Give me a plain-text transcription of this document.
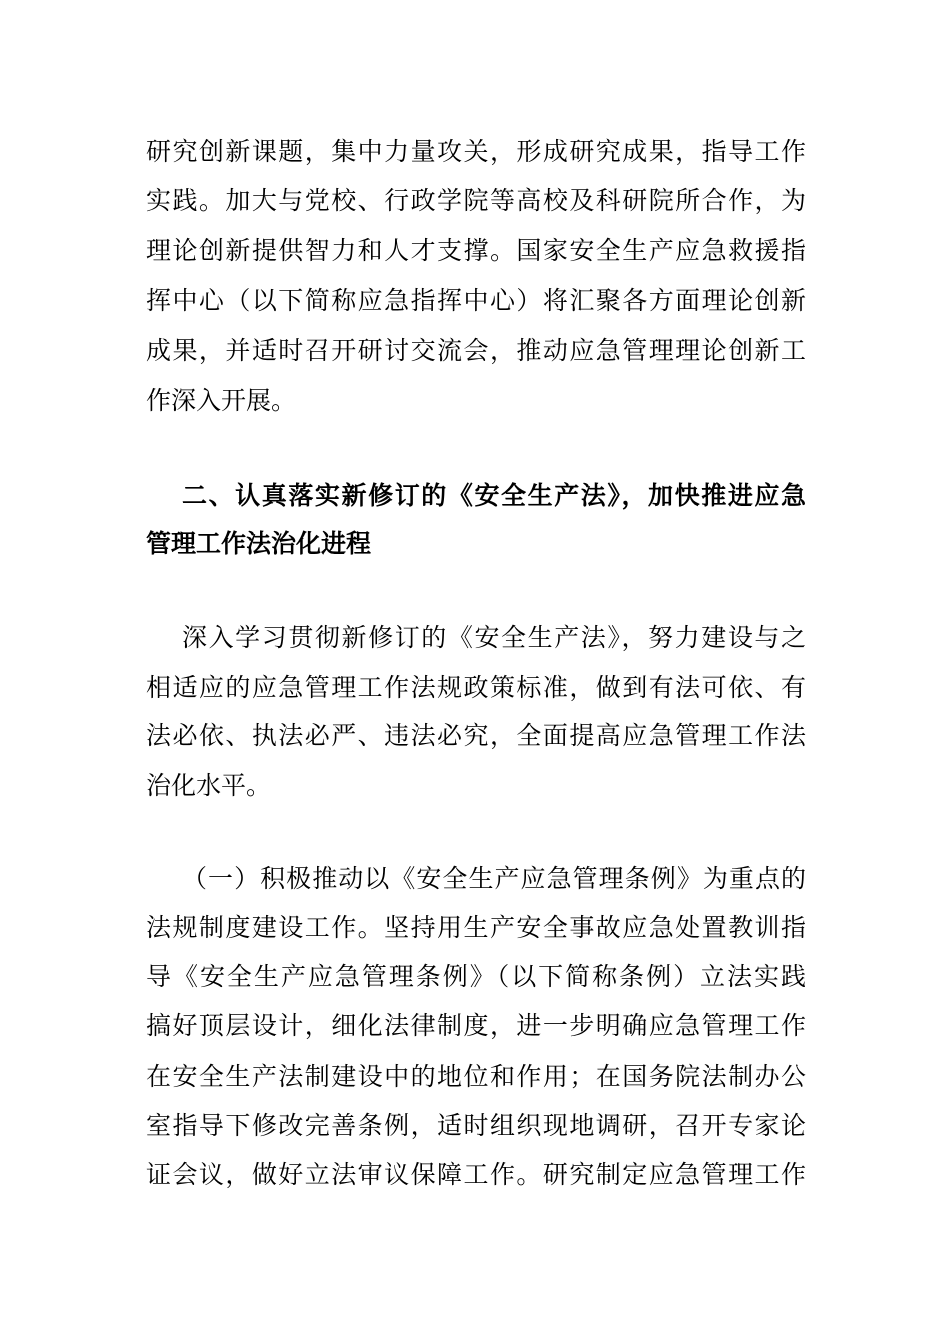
研究创新课题，集中力量攻关，形成研究成果，指导工作
实践。加大与党校、行政学院等高校及科研院所合作，为
理论创新提供智力和人才支撑。国家安全生产应急救援指
挥中心（以下简称应急指挥中心）将汇聚各方面理论创新
成果，并适时召开研讨交流会，推动应急管理理论创新工
作深入开展。
二、认真落实新修订的《安全生产法》，加快推进应急
管理工作法治化进程
深入学习贯彻新修订的《安全生产法》，努力建设与之
相适应的应急管理工作法规政策标准，做到有法可依、有
法必依、执法必严、违法必究，全面提高应急管理工作法
治化水平。
（一）积极推动以《安全生产应急管理条例》为重点的
法规制度建设工作。坚持用生产安全事故应急处置教训指
导《安全生产应急管理条例》（以下简称条例）立法实践
搞好顶层设计，细化法律制度，进一步明确应急管理工作
在安全生产法制建设中的地位和作用；在国务院法制办公
室指导下修改完善条例，适时组织现地调研，召开专家论
证会议，做好立法审议保障工作。研究制定应急管理工作
